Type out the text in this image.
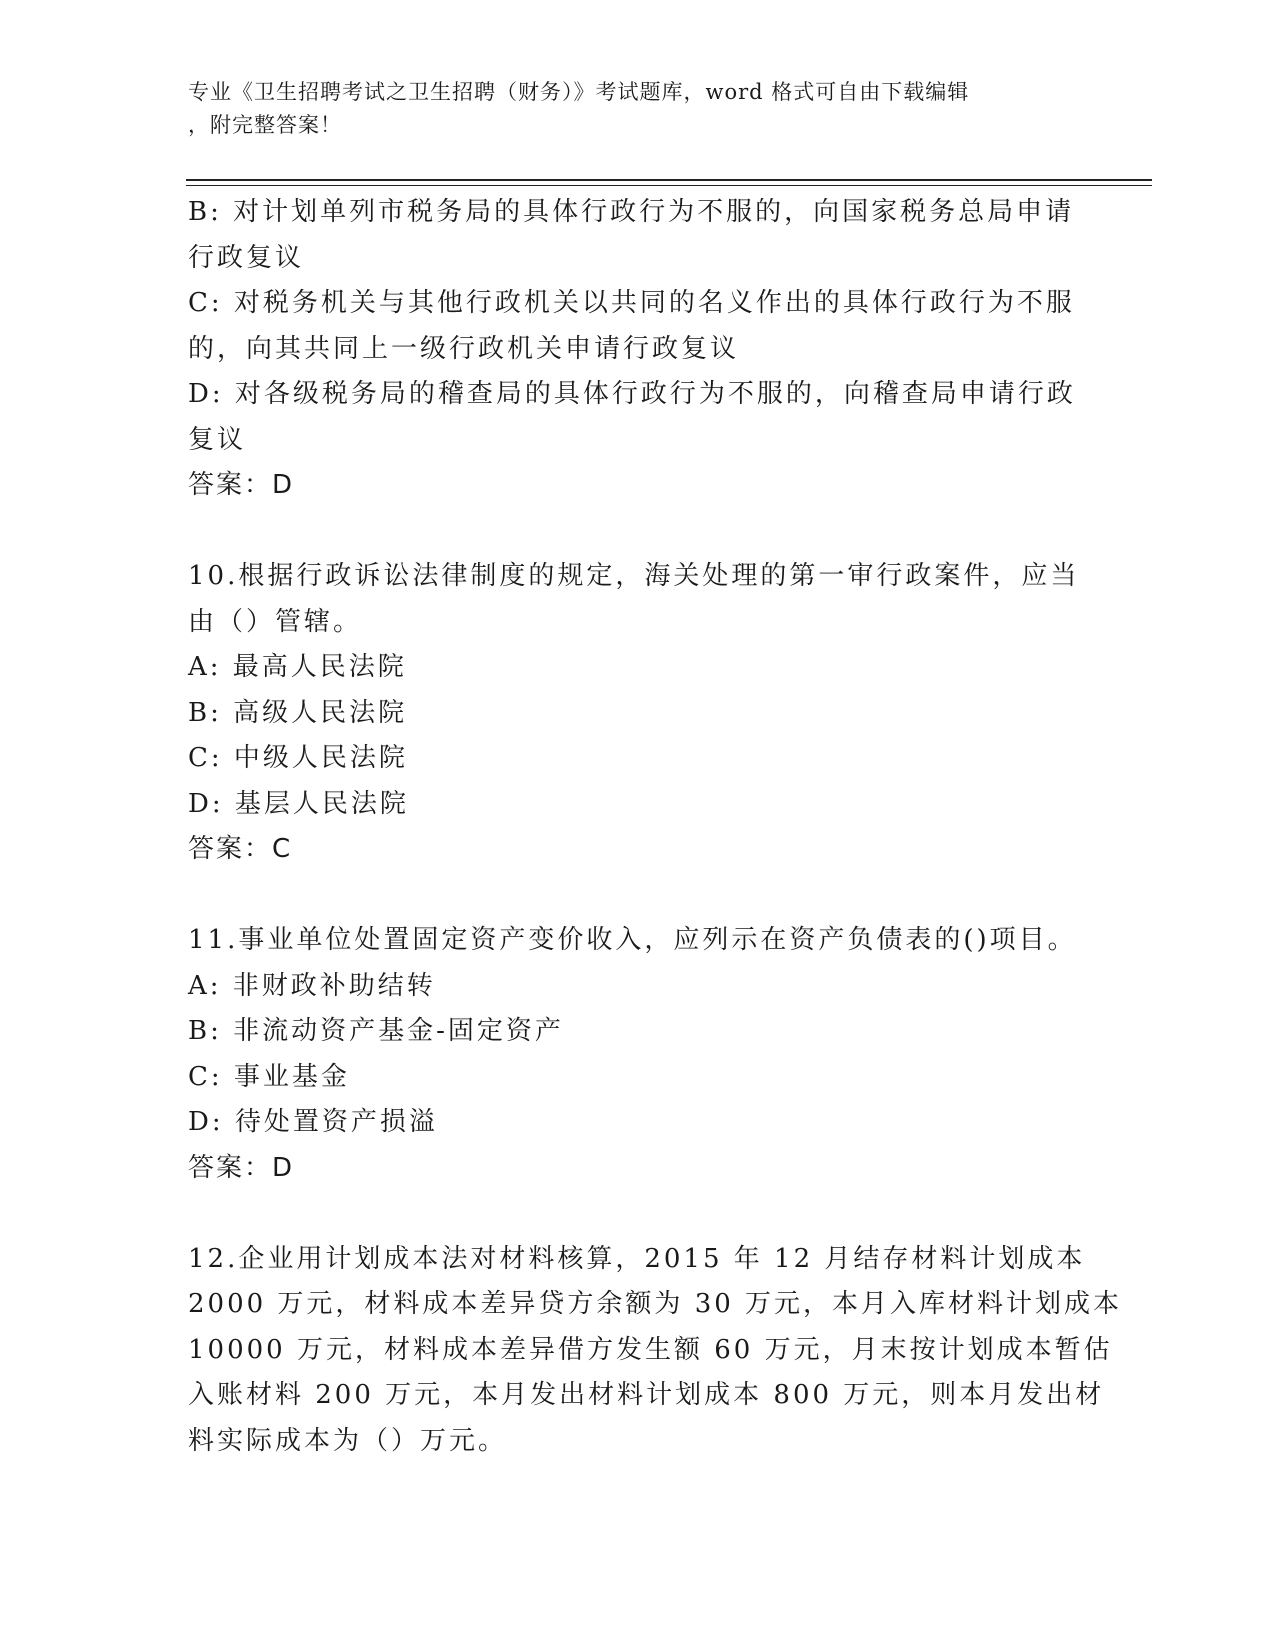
专业《卫生招聘考试之卫生招聘（财务）》考试题库，word 格式可自由下载编辑
，附完整答案！
B: 对计划单列市税务局的具体行政行为不服的，向国家税务总局申请
行政复议
C: 对税务机关与其他行政机关以共同的名义作出的具体行政行为不服
的，向其共同上一级行政机关申请行政复议
D: 对各级税务局的稽查局的具体行政行为不服的，向稽查局申请行政
复议
答案：D
10.根据行政诉讼法律制度的规定，海关处理的第一审行政案件，应当
由（）管辖。
A: 最高人民法院
B: 高级人民法院
C: 中级人民法院
D: 基层人民法院
答案：C
11.事业单位处置固定资产变价收入，应列示在资产负债表的()项目。
A: 非财政补助结转
B: 非流动资产基金-固定资产
C: 事业基金
D: 待处置资产损溢
答案：D
12.企业用计划成本法对材料核算，2015 年 12 月结存材料计划成本
2000 万元，材料成本差异贷方余额为 30 万元，本月入库材料计划成本
10000 万元，材料成本差异借方发生额 60 万元，月末按计划成本暂估
入账材料 200 万元，本月发出材料计划成本 800 万元，则本月发出材
料实际成本为（）万元。
